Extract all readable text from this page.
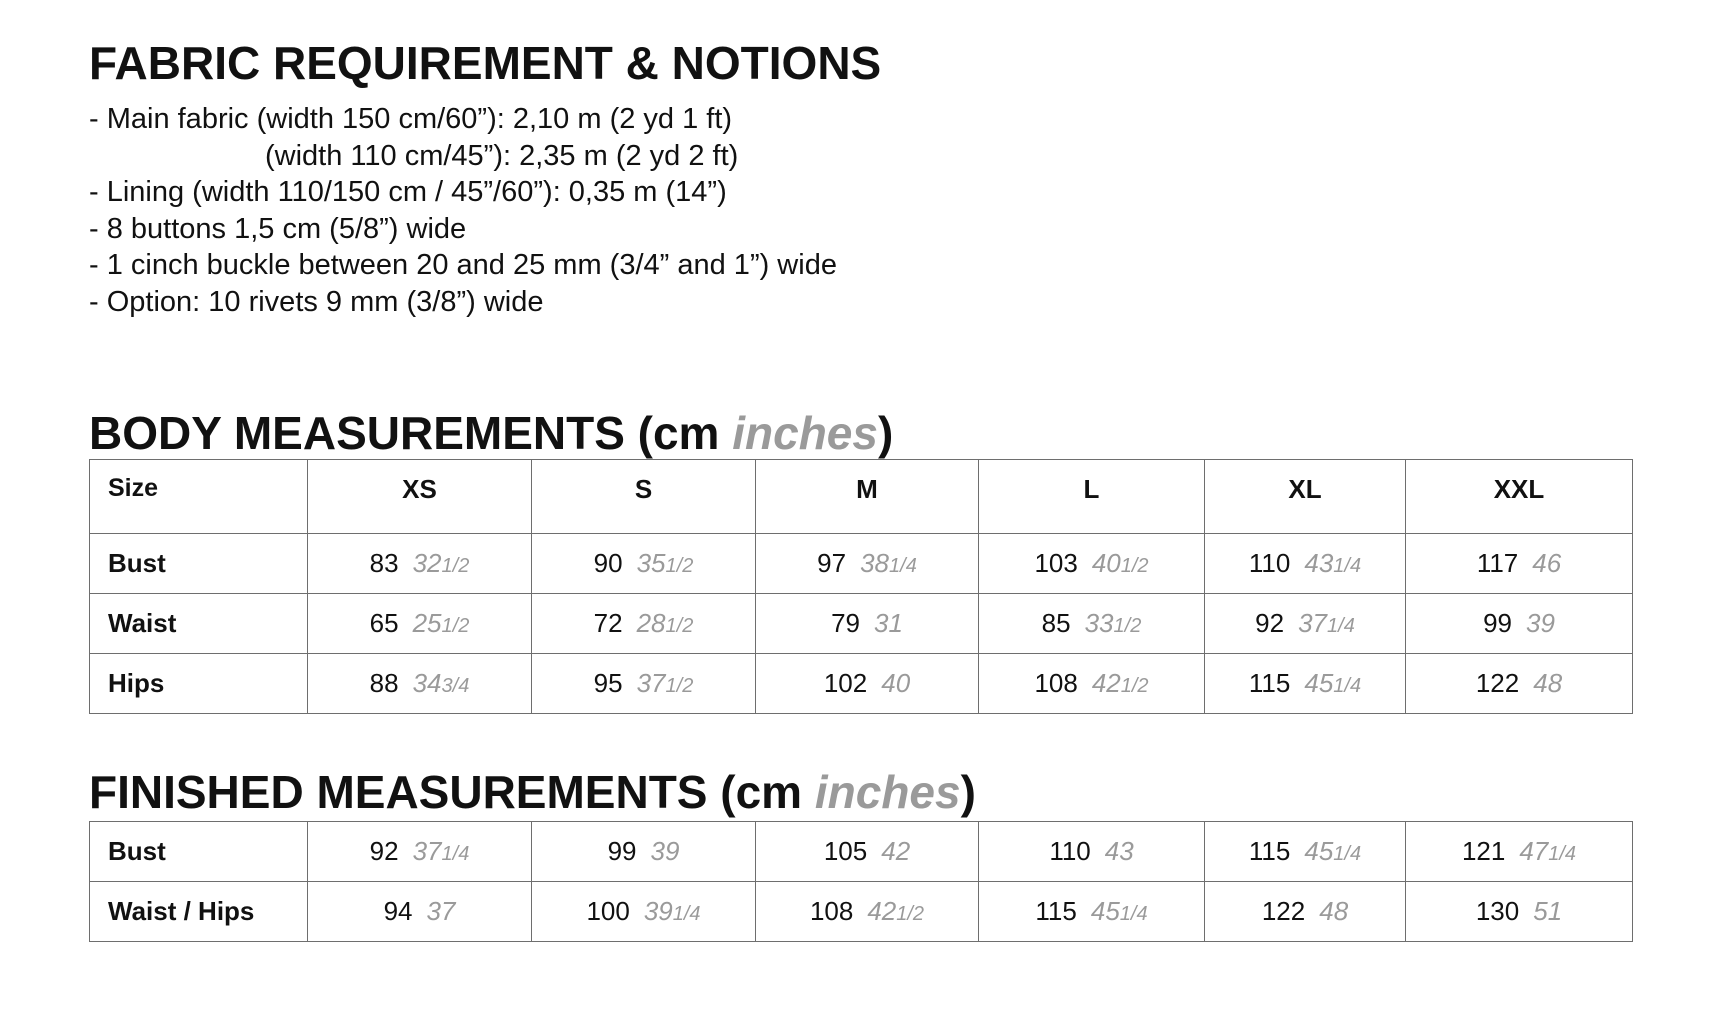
FABRIC REQUIREMENT & NOTIONS
- Main fabric (width 150 cm/60”): 2,10 m (2 yd 1 ft)
(width 110 cm/45”): 2,35 m (2 yd 2 ft)
- Lining (width 110/150 cm / 45”/60”): 0,35 m (14”)
- 8 buttons 1,5 cm (5/8”) wide
- 1 cinch buckle between 20 and 25 mm (3/4” and 1”) wide
- Option: 10 rivets 9 mm (3/8”) wide
BODY MEASUREMENTS (cm inches)
Size	XS	S	M	L	XL	XXL
Bust	83 321/2	90 351/2	97 381/4	103 401/2	110 431/4	117 46
Waist	65 251/2	72 281/2	79 31	85 331/2	92 371/4	99 39
Hips	88 343/4	95 371/2	102 40	108 421/2	115 451/4	122 48
FINISHED MEASUREMENTS (cm inches)
Bust	92 371/4	99 39	105 42	110 43	115 451/4	121 471/4
Waist / Hips	94 37	100 391/4	108 421/2	115 451/4	122 48	130 51
